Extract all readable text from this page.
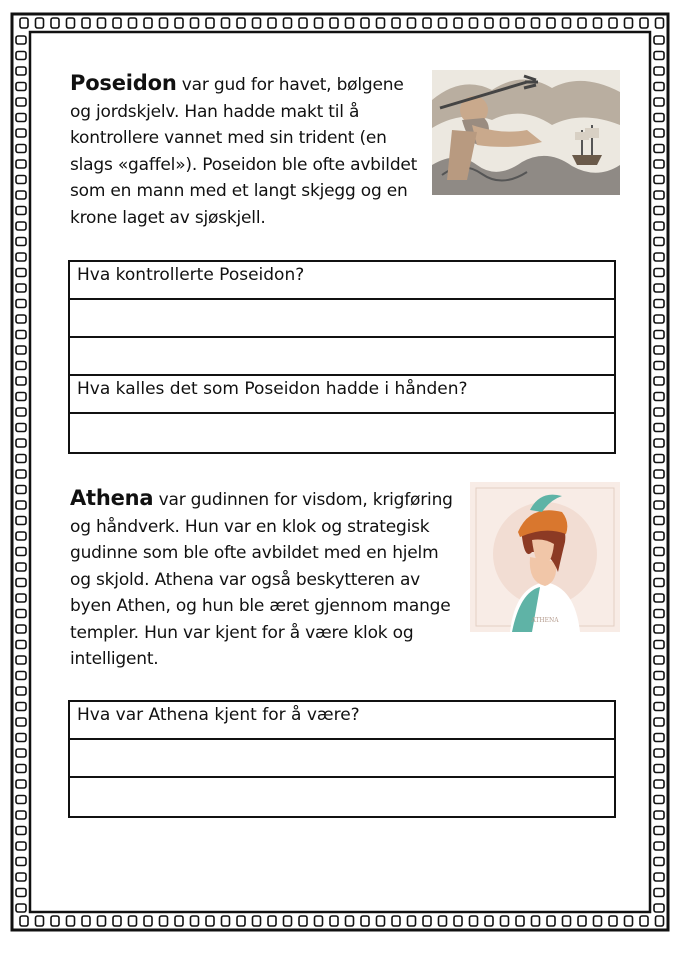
Poseidon var gud for havet, bølgene og jordskjelv. Han hadde makt til å kontrollere vannet med sin trident (en slags «gaffel»). Poseidon ble ofte avbildet som en mann med et langt skjegg og en krone laget av sjøskjell.

Hva kontrollerte Poseidon?
Hva kalles det som Poseidon hadde i hånden?

Athena var gudinnen for visdom, krigføring og håndverk. Hun var en klok og strategisk gudinne som ble ofte avbildet med en hjelm og skjold. Athena var også beskytteren av byen Athen, og hun ble æret gjennom mange templer. Hun var kjent for å være klok og intelligent.

ATHENA
Hva var Athena kjent for å være?
